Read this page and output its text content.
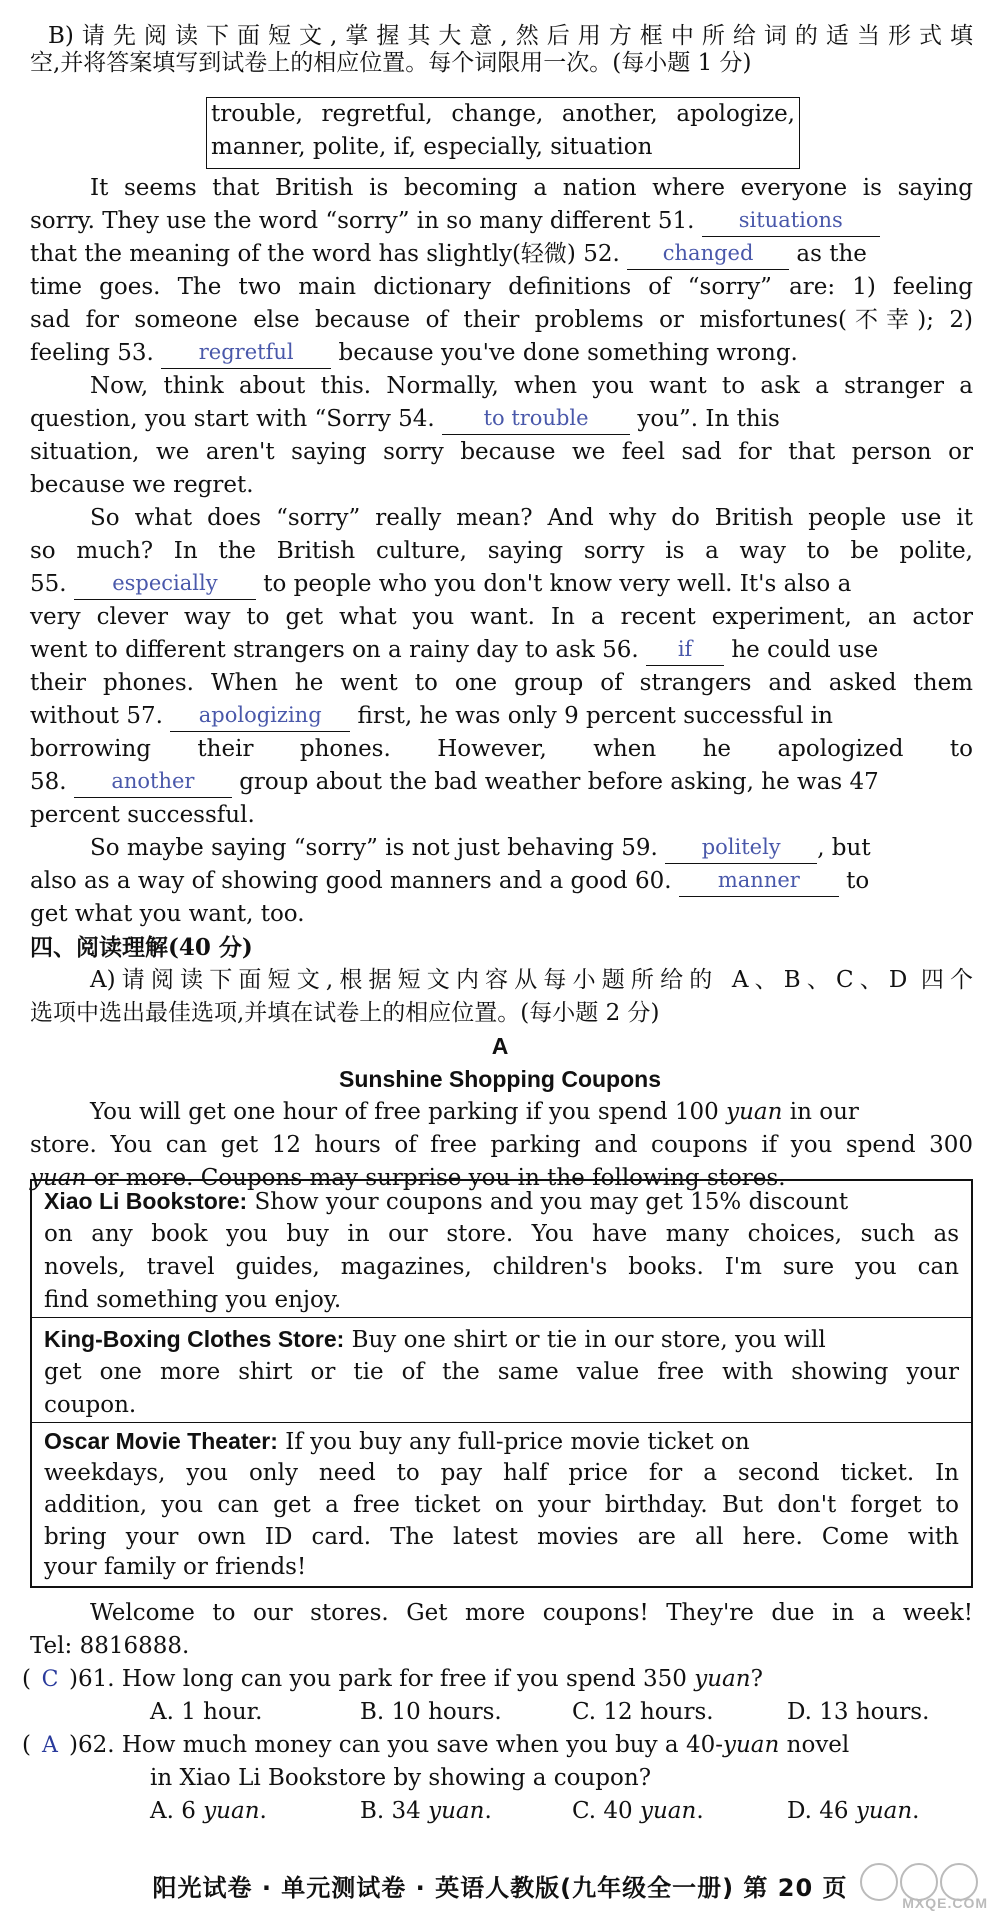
B)请先阅读下面短文,掌握其大意,然后用方框中所给词的适当形式填
空,并将答案填写到试卷上的相应位置。每个词限用一次。(每小题 1 分)
trouble, regretful, change, another, apologize,
manner, polite, if, especially, situation
It seems that British is becoming a nation where everyone is saying
sorry. They use the word “sorry” in so many different 51. situations
that the meaning of the word has slightly(轻微) 52. changed as the
time goes. The two main dictionary definitions of “sorry” are: 1) feeling
sad for someone else because of their problems or misfortunes(不幸); 2)
feeling 53. regretful because you've done something wrong.
Now, think about this. Normally, when you want to ask a stranger a
question, you start with “Sorry 54. to trouble you”. In this
situation, we aren't saying sorry because we feel sad for that person or
because we regret.
So what does “sorry” really mean? And why do British people use it
so much? In the British culture, saying sorry is a way to be polite,
55. especially to people who you don't know very well. It's also a
very clever way to get what you want. In a recent experiment, an actor
went to different strangers on a rainy day to ask 56. if he could use
their phones. When he went to one group of strangers and asked them
without 57. apologizing first, he was only 9 percent successful in
borrowing their phones. However, when he apologized to
58. another group about the bad weather before asking, he was 47
percent successful.
So maybe saying “sorry” is not just behaving 59. politely , but
also as a way of showing good manners and a good 60. manner to
get what you want, too.
四、阅读理解(40 分)
A)请阅读下面短文,根据短文内容从每小题所给的 A、B、C、D 四个
选项中选出最佳选项,并填在试卷上的相应位置。(每小题 2 分)
A
Sunshine Shopping Coupons
You will get one hour of free parking if you spend 100 yuan in our
store. You can get 12 hours of free parking and coupons if you spend 300
yuan or more. Coupons may surprise you in the following stores.
Xiao Li Bookstore: Show your coupons and you may get 15% discount
on any book you buy in our store. You have many choices, such as
novels, travel guides, magazines, children's books. I'm sure you can
find something you enjoy.
King-Boxing Clothes Store: Buy one shirt or tie in our store, you will
get one more shirt or tie of the same value free with showing your
coupon.
Oscar Movie Theater: If you buy any full-price movie ticket on
weekdays, you only need to pay half price for a second ticket. In
addition, you can get a free ticket on your birthday. But don't forget to
bring your own ID card. The latest movies are all here. Come with
your family or friends!
Welcome to our stores. Get more coupons! They're due in a week!
Tel: 8816888.
( C )61. How long can you park for free if you spend 350 yuan?
A. 1 hour.	B. 10 hours.	C. 12 hours.	D. 13 hours.
( A )62. How much money can you save when you buy a 40-yuan novel
in Xiao Li Bookstore by showing a coupon?
A. 6 yuan.	B. 34 yuan.	C. 40 yuan.	D. 46 yuan.
阳光试卷 · 单元测试卷 · 英语人教版(九年级全一册) 第 20 页
MXQE.COM
